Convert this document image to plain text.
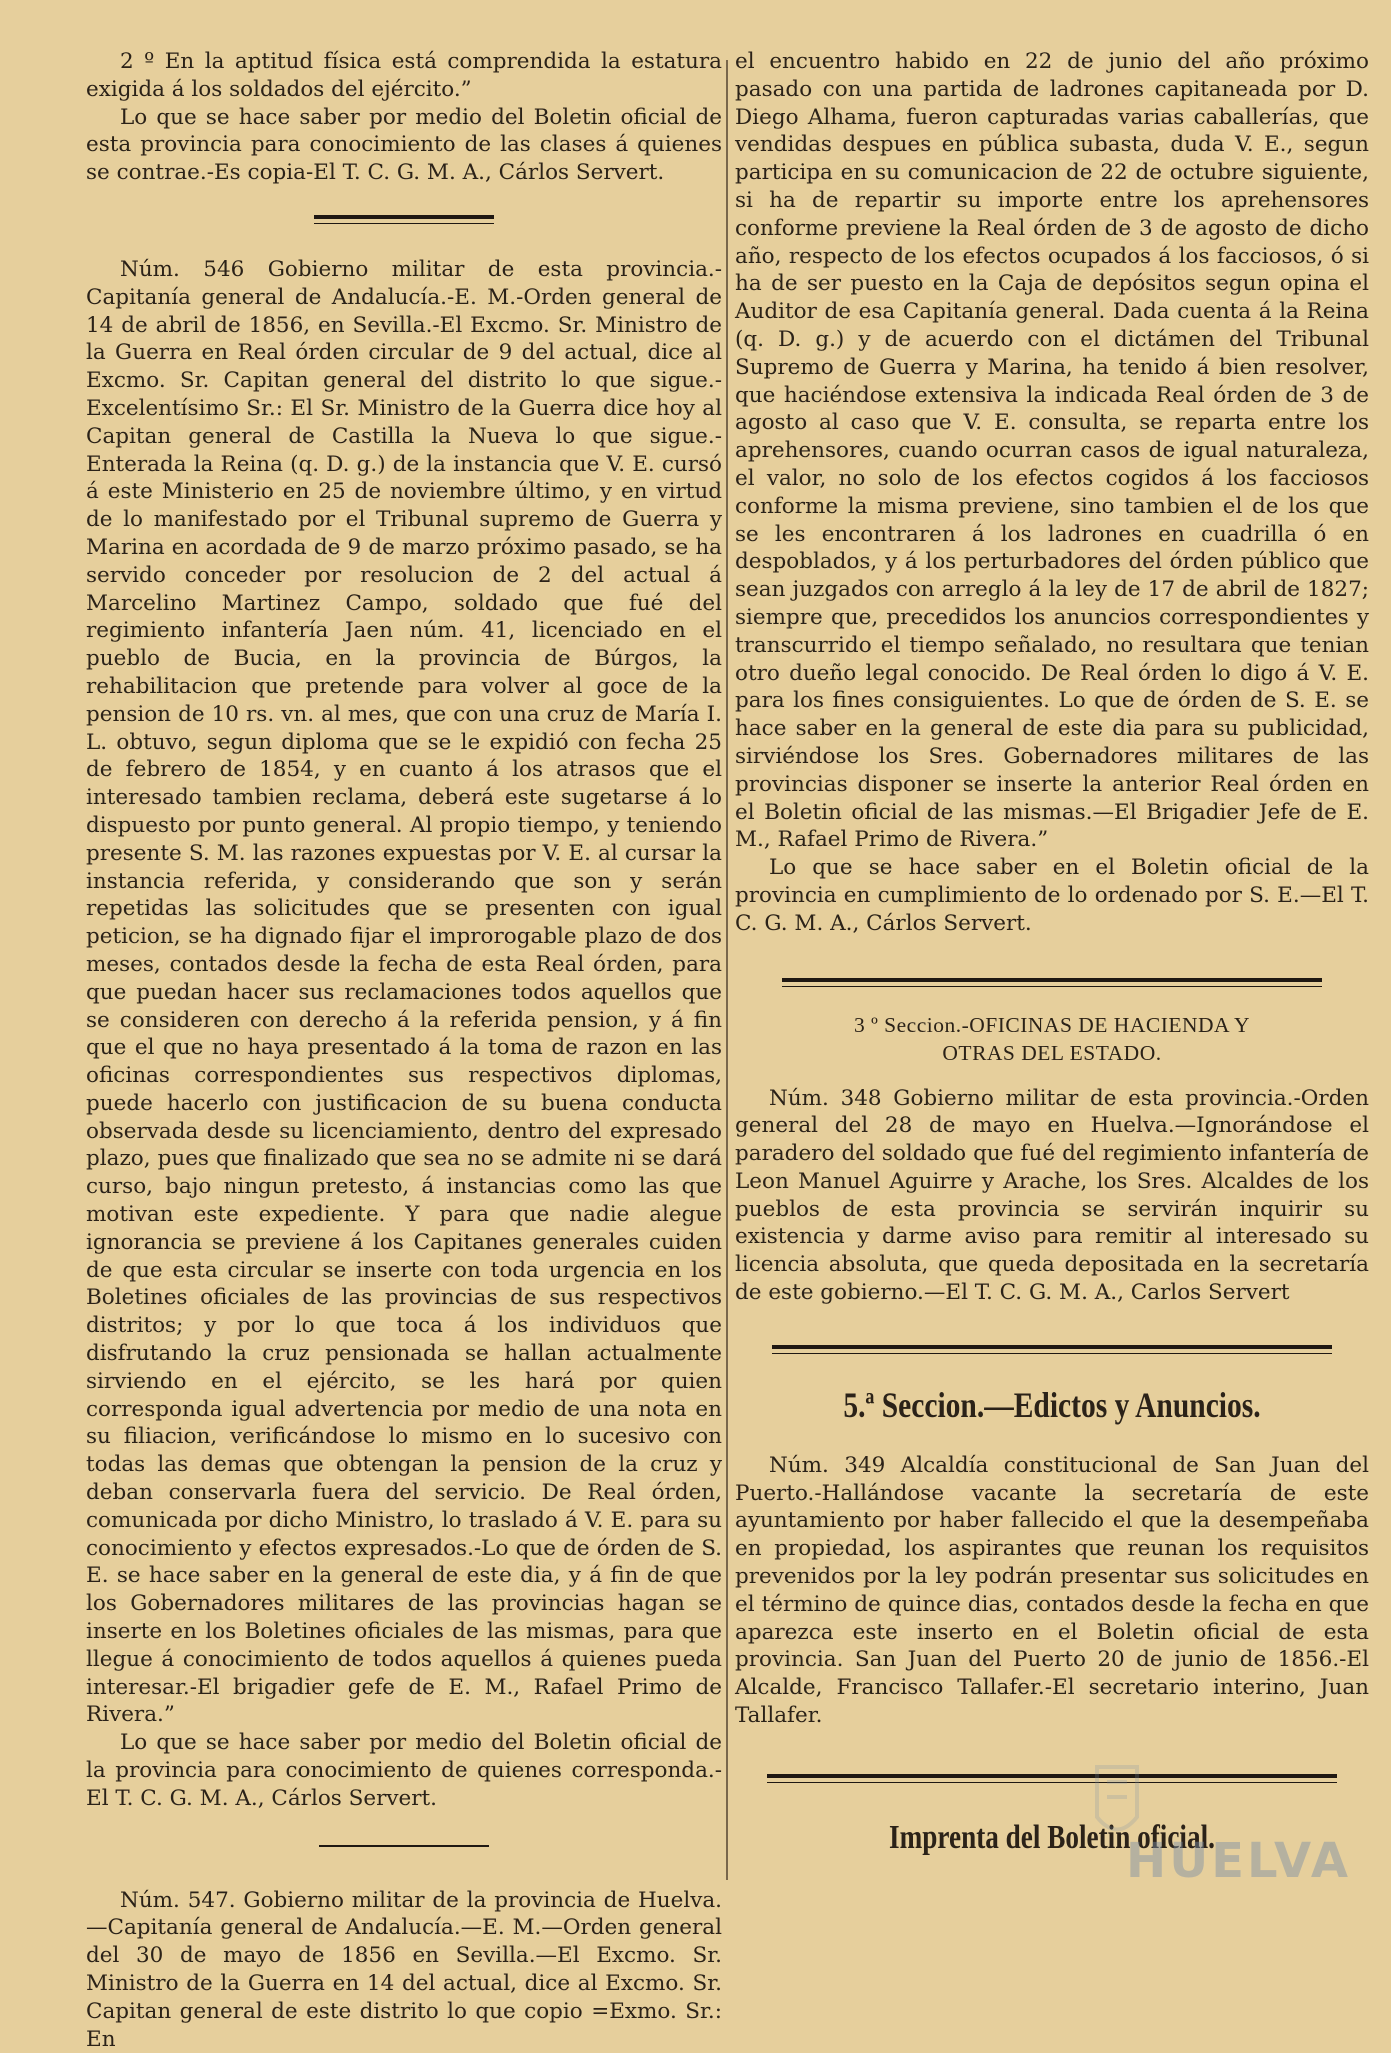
2 º En la aptitud física está comprendida la estatura exigida á los soldados del ejército.”

Lo que se hace saber por medio del Boletin oficial de esta provincia para conocimiento de las clases á quienes se contrae.-Es copia-El T. C. G. M. A., Cárlos Servert.

Núm. 546 Gobierno militar de esta provincia.-Capitanía general de Andalucía.-E. M.-Orden general de 14 de abril de 1856, en Sevilla.-El Excmo. Sr. Ministro de la Guerra en Real órden circular de 9 del actual, dice al Excmo. Sr. Capitan general del distrito lo que sigue.-Excelentísimo Sr.: El Sr. Ministro de la Guerra dice hoy al Capitan general de Castilla la Nueva lo que sigue.-Enterada la Reina (q. D. g.) de la instancia que V. E. cursó á este Ministerio en 25 de noviembre último, y en virtud de lo manifestado por el Tribunal supremo de Guerra y Marina en acordada de 9 de marzo próximo pasado, se ha servido conceder por resolucion de 2 del actual á Marcelino Martinez Campo, soldado que fué del regimiento infantería Jaen núm. 41, licenciado en el pueblo de Bucia, en la provincia de Búrgos, la rehabilitacion que pretende para volver al goce de la pension de 10 rs. vn. al mes, que con una cruz de María I. L. obtuvo, segun diploma que se le expidió con fecha 25 de febrero de 1854, y en cuanto á los atrasos que el interesado tambien reclama, deberá este sugetarse á lo dispuesto por punto general. Al propio tiempo, y teniendo presente S. M. las razones expuestas por V. E. al cursar la instancia referida, y considerando que son y serán repetidas las solicitudes que se presenten con igual peticion, se ha dignado fijar el improrogable plazo de dos meses, contados desde la fecha de esta Real órden, para que puedan hacer sus reclamaciones todos aquellos que se consideren con derecho á la referida pension, y á fin que el que no haya presentado á la toma de razon en las oficinas correspondientes sus respectivos diplomas, puede hacerlo con justificacion de su buena conducta observada desde su licenciamiento, dentro del expresado plazo, pues que finalizado que sea no se admite ni se dará curso, bajo ningun pretesto, á instancias como las que motivan este expediente. Y para que nadie alegue ignorancia se previene á los Capitanes generales cuiden de que esta circular se inserte con toda urgencia en los Boletines oficiales de las provincias de sus respectivos distritos; y por lo que toca á los individuos que disfrutando la cruz pensionada se hallan actualmente sirviendo en el ejército, se les hará por quien corresponda igual advertencia por medio de una nota en su filiacion, verificándose lo mismo en lo sucesivo con todas las demas que obtengan la pension de la cruz y deban conservarla fuera del servicio. De Real órden, comunicada por dicho Ministro, lo traslado á V. E. para su conocimiento y efectos expresados.-Lo que de órden de S. E. se hace saber en la general de este dia, y á fin de que los Gobernadores militares de las provincias hagan se inserte en los Boletines oficiales de las mismas, para que llegue á conocimiento de todos aquellos á quienes pueda interesar.-El brigadier gefe de E. M., Rafael Primo de Rivera.”

Lo que se hace saber por medio del Boletin oficial de la provincia para conocimiento de quienes corresponda.-El T. C. G. M. A., Cárlos Servert.

Núm. 547. Gobierno militar de la provincia de Huelva. —Capitanía general de Andalucía.—E. M.—Orden general del 30 de mayo de 1856 en Sevilla.—El Excmo. Sr. Ministro de la Guerra en 14 del actual, dice al Excmo. Sr. Capitan general de este distrito lo que copio =Exmo. Sr.: En

el encuentro habido en 22 de junio del año próximo pasado con una partida de ladrones capitaneada por D. Diego Alhama, fueron capturadas varias caballerías, que vendidas despues en pública subasta, duda V. E., segun participa en su comunicacion de 22 de octubre siguiente, si ha de repartir su importe entre los aprehensores conforme previene la Real órden de 3 de agosto de dicho año, respecto de los efectos ocupados á los facciosos, ó si ha de ser puesto en la Caja de depósitos segun opina el Auditor de esa Capitanía general. Dada cuenta á la Reina (q. D. g.) y de acuerdo con el dictámen del Tribunal Supremo de Guerra y Marina, ha tenido á bien resolver, que haciéndose extensiva la indicada Real órden de 3 de agosto al caso que V. E. consulta, se reparta entre los aprehensores, cuando ocurran casos de igual naturaleza, el valor, no solo de los efectos cogidos á los facciosos conforme la misma previene, sino tambien el de los que se les encontraren á los ladrones en cuadrilla ó en despoblados, y á los perturbadores del órden público que sean juzgados con arreglo á la ley de 17 de abril de 1827; siempre que, precedidos los anuncios correspondientes y transcurrido el tiempo señalado, no resultara que tenian otro dueño legal conocido. De Real órden lo digo á V. E. para los fines consiguientes. Lo que de órden de S. E. se hace saber en la general de este dia para su publicidad, sirviéndose los Sres. Gobernadores militares de las provincias disponer se inserte la anterior Real órden en el Boletin oficial de las mismas.—El Brigadier Jefe de E. M., Rafael Primo de Rivera.”

Lo que se hace saber en el Boletin oficial de la provincia en cumplimiento de lo ordenado por S. E.—El T. C. G. M. A., Cárlos Servert.

3 º Seccion.-OFICINAS DE HACIENDA Y
OTRAS DEL ESTADO.

Núm. 348 Gobierno militar de esta provincia.-Orden general del 28 de mayo en Huelva.—Ignorándose el paradero del soldado que fué del regimiento infantería de Leon Manuel Aguirre y Arache, los Sres. Alcaldes de los pueblos de esta provincia se servirán inquirir su existencia y darme aviso para remitir al interesado su licencia absoluta, que queda depositada en la secretaría de este gobierno.—El T. C. G. M. A., Carlos Servert

5.ª Seccion.—Edictos y Anuncios.

Núm. 349 Alcaldía constitucional de San Juan del Puerto.-Hallándose vacante la secretaría de este ayuntamiento por haber fallecido el que la desempeñaba en propiedad, los aspirantes que reunan los requisitos prevenidos por la ley podrán presentar sus solicitudes en el término de quince dias, contados desde la fecha en que aparezca este inserto en el Boletin oficial de esta provincia. San Juan del Puerto 20 de junio de 1856.-El Alcalde, Francisco Tallafer.-El secretario interino, Juan Tallafer.

Imprenta del Boletin oficial.
HUELVA
